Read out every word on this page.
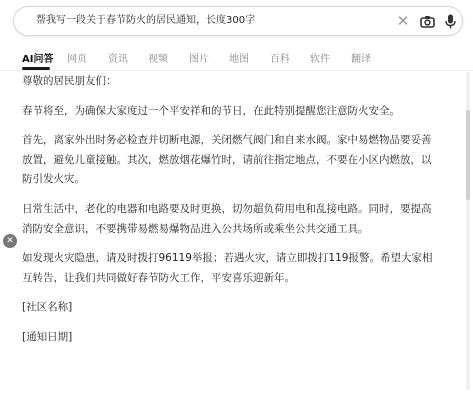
帮我写一段关于春节防火的居民通知，长度300字
✕
AI问答 网页 资讯 视频 图片 地图 百科 软件 翻译

尊敬的居民朋友们：

春节将至，为确保大家度过一个平安祥和的节日，在此特别提醒您注意防火安全。

首先，离家外出时务必检查并切断电源，关闭燃气阀门和自来水阀。家中易燃物品要妥善放置，避免儿童接触。其次，燃放烟花爆竹时，请前往指定地点，不要在小区内燃放，以防引发火灾。

日常生活中，老化的电器和电路要及时更换，切勿超负荷用电和乱接电路。同时，要提高消防安全意识，不要携带易燃易爆物品进入公共场所或乘坐公共交通工具。

如发现火灾隐患，请及时拨打96119举报；若遇火灾，请立即拨打119报警。希望大家相互转告，让我们共同做好春节防火工作，平安喜乐迎新年。

[社区名称]

[通知日期]

✕
